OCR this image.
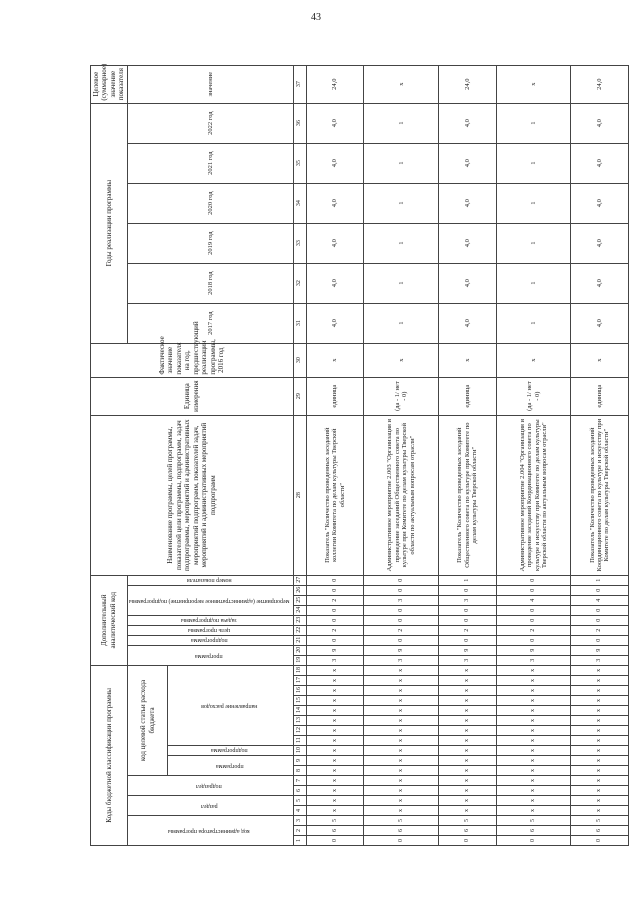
43
Коды бюджетной классификации программы																		Дополнительный аналитический код									Наименование программы, целей программы, показателей цели программы, подпрограмм, задач подпрограммы, мероприятий и административных мероприятий подпрограмм, показателей задач, мероприятий и административных мероприятий подпрограмм	Единица измерения	Фактическое значение показателя на год, предшествующий реализации программы, 2016 год	Годы реализации программы						Целевое (суммарное) значение показателя
код администратора программы			раздел		подраздел		код целевой статьи расхода бюджета											программа		подпрограмма	цель программы	задача подпрограммы	мероприятие (административное мероприятие) подпрограммы			номер показателя				2017 год	2018 год	2019 год	2020 год	2021 год	2022 год	значение
							программа		подпрограмма	направление расходов																										
1	2	3	4	5	6	7	8	9	10	11	12	13	14	15	16	17	18	19	20	21	22	23	24	25	26	27	28	29	30	31	32	33	34	35	36	37
0	6	5	х	х	х	х	х	х	х	х	х	х	х	х	х	х	х	3	9	0	2	0	0	2	0	0	Показатель "Количество проведенных заседаний коллегии Комитета по делам культуры Тверской области"	единица	х	4,0	4,0	4,0	4,0	4,0	4,0	24,0
0	6	5	х	х	х	х	х	х	х	х	х	х	х	х	х	х	х	3	9	0	2	0	0	3	0	0	Административное мероприятие 2.003 "Организация и проведение заседаний Общественного совета по культуре при Комитете по делам культуры Тверской области по актуальным вопросам отрасли"	(да - 1/ нет - 0)	х	1	1	1	1	1	1	х
0	6	5	х	х	х	х	х	х	х	х	х	х	х	х	х	х	х	3	9	0	2	0	0	3	0	1	Показатель "Количество проведенных заседаний Общественного совета по культуре при Комитете по делам культуры Тверской области"	единица	х	4,0	4,0	4,0	4,0	4,0	4,0	24,0
0	6	5	х	х	х	х	х	х	х	х	х	х	х	х	х	х	х	3	9	0	2	0	0	4	0	0	Административное мероприятие 2.004 "Организация и проведение заседаний Координационного совета по культуре и искусству при Комитете по делам культуры Тверской области по актуальным вопросам отрасли"	(да - 1/ нет - 0)	х	1	1	1	1	1	1	х
0	6	5	х	х	х	х	х	х	х	х	х	х	х	х	х	х	х	3	9	0	2	0	0	4	0	1	Показатель "Количество проведенных заседаний Координационного совета по культуре и искусству при Комитете по делам культуры Тверской области"	единица	х	4,0	4,0	4,0	4,0	4,0	4,0	24,0
